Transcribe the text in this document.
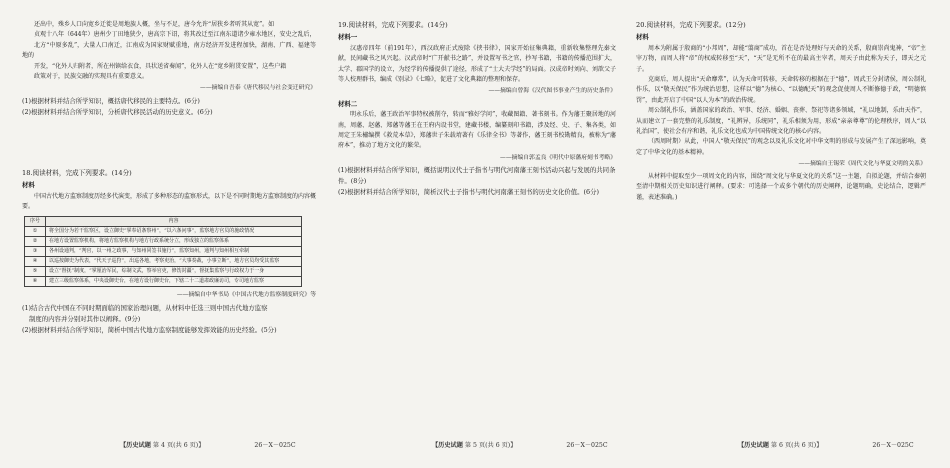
还出中，殊乡人口向宽乡迁徙是周地族人概，坐与不足，唐今允许“居狭乡者听其从宽”。如

贞观十八年（644年）唐州少丁田地狭少，唐高宗下诏，将其改迁至江南东道诸少雍水地区，安史之乱后，

北方“中原多乱”，大量人口南迁，江南成为国家财赋重地，南方经济开发进程加快，湖南、广西、福建等地的

开发，“化外人归附者，所在州镇给衣食，具状送省奏闻”，化外人在“宽乡附贯安置”，这些户籍

政策对于，民族交融的实现具有重要意义。

——摘编自吾泰《唐代移民与社会变迁研究》
(1)根据材料并结合所学知识，概括唐代移民的主要特点。(6分)
(2)根据材料并结合所学知识，分析唐代移民活动的历史意义。(6分)
18.阅读材料，完成下列要求。(14分)
材料

中国古代地方监察制度历经多代演变，形成了多种形态的监察形式，以下是不同时期地方监察制度的内容概要。

序号	内容
①	将全国分为若干监察区，设立御史“掌奉诏条察州”，“以六条问事”，监察地方官员的施政情况
②	在地方设置监察机构，将地方监察机构与地方行政系统分立，形成独立的监察体系
③	各州设通判，“判官，以一州之政事，与知州同签书施行”，监察知州，通判与知州相互牵制
④	以巡按御史为代表，“代天子巡狩”，出巡各地，考察吏治，“大事奏裁，小事立断”，地方官员均受其监察
⑤	设立“督抚”制度，“掌厘治军民，综制文武，察举官吏，修饬封疆”，督抚集监察与行政权力于一身
⑥	建立三级监察体系，中央设御史台，在地方设行御史台，下辖二十二道肃政廉访司，专司地方监察
——摘编自中华书局《中国古代地方监察制度研究》等
(1)结合古代中国在不同时期面临的国家治理问题，从材料中任选三则中国古代地方监察
制度的内容并分别对其作以阐释。(9分)
(2)根据材料并结合所学知识，简析中国古代地方监察制度能够发挥效能的历史经验。(5分)
19.阅读材料，完成下列要求。(14分)
材料一

汉惠帝四年（前191年），西汉政府正式废除《挟书律》，国家开始征集典籍，重新收集整理先秦文献，民间藏书之风兴起。汉武帝时“广开献书之路”，并设置写书之官，抄写书籍，书籍的传播范围扩大，太学、郡国学的设立，为经学的传播提供了途径，形成了“士大夫学经”的局面。汉成帝时刘向、刘歆父子等人校理群书，编成《别录》《七略》，促进了文化典籍的整理和保存。

——摘编自曾海《汉代图书事业产生的历史条件》
材料二

明永乐后，藩王政治军事特权被削夺，转而“雅好学问”，收藏图籍、著书刻书。作为藩王聚居地的河南，周藩、赵藩、郑藩等藩王在王府内设书堂，建藏书楼，编纂刻印书籍，涉及经、史、子、集各类，如周定王朱橚编撰《救荒本草》，郑藩世子朱载堉著有《乐律全书》等著作，藩王刻书校勘精良，被称为“藩府本”，推动了地方文化的繁荣。

——摘编自郭孟良《明代中原藩府刻书考略》
(1)根据材料并结合所学知识，概括说明汉代士子指书与明代河南藩王刻书活动兴起与发展的共同条件。(8分)
(2)根据材料并结合所学知识，简析汉代士子指书与明代河南藩王刻书的历史文化价值。(6分)
20.阅读材料，完成下列要求。(12分)
材料

周本为附属于殷商的“小邦周”，却能“翦商”成功，首在是否处理好与天命的关系，殷商崇尚鬼神，“帝”主宰万物，而周人将“帝”的权威转移至“天”，“天”是无所不在的最高主宰者，周天子由此称为天子，即天之元子。

克商后，周人提出“天命靡常”，认为天命可转移，天命转移的根据在于“德”，周武王分封诸侯，周公制礼作乐，以“敬天保民”作为统治思想，这样以“德”为核心、“以德配天”的观念促使周人不断修德于政，“明德慎罚”，由此开启了中国“以人为本”的政治传统。

周公制礼作乐，涵盖国家的政治、军事、经济、婚姻、丧葬、祭祀等诸多领域，“礼以地制，乐由天作”，从而建立了一套完整的礼乐制度，“礼辨异，乐统同”，礼乐相须为用，形成“亲亲尊尊”的伦理秩序，周人“以礼治国”，使社会有序和谐，礼乐文化也成为中国传统文化的核心内容。

（西周时期）从此，中国人“敬天保民”的观念以及礼乐文化对中华文明的形成与发展产生了深远影响，奠定了中华文化的基本精神。

——摘编自王锡荣《周代文化与华夏文明的关系》

从材料中提取至少一项周文化的内容，围绕“周文化与华夏文化的关系”这一主题，自拟论题，并结合秦朝至清中期相关历史知识进行阐释。(要求：可选择一个或多个朝代的历史阐释，论题明确，史论结合，逻辑严谨，表述准确。)

【历史试题 第 4 页(共 6 页)】	26－X－025C	【历史试题 第 5 页(共 6 页)】	26－X－025C	【历史试题 第 6 页(共 6 页)】	26－X－025C
